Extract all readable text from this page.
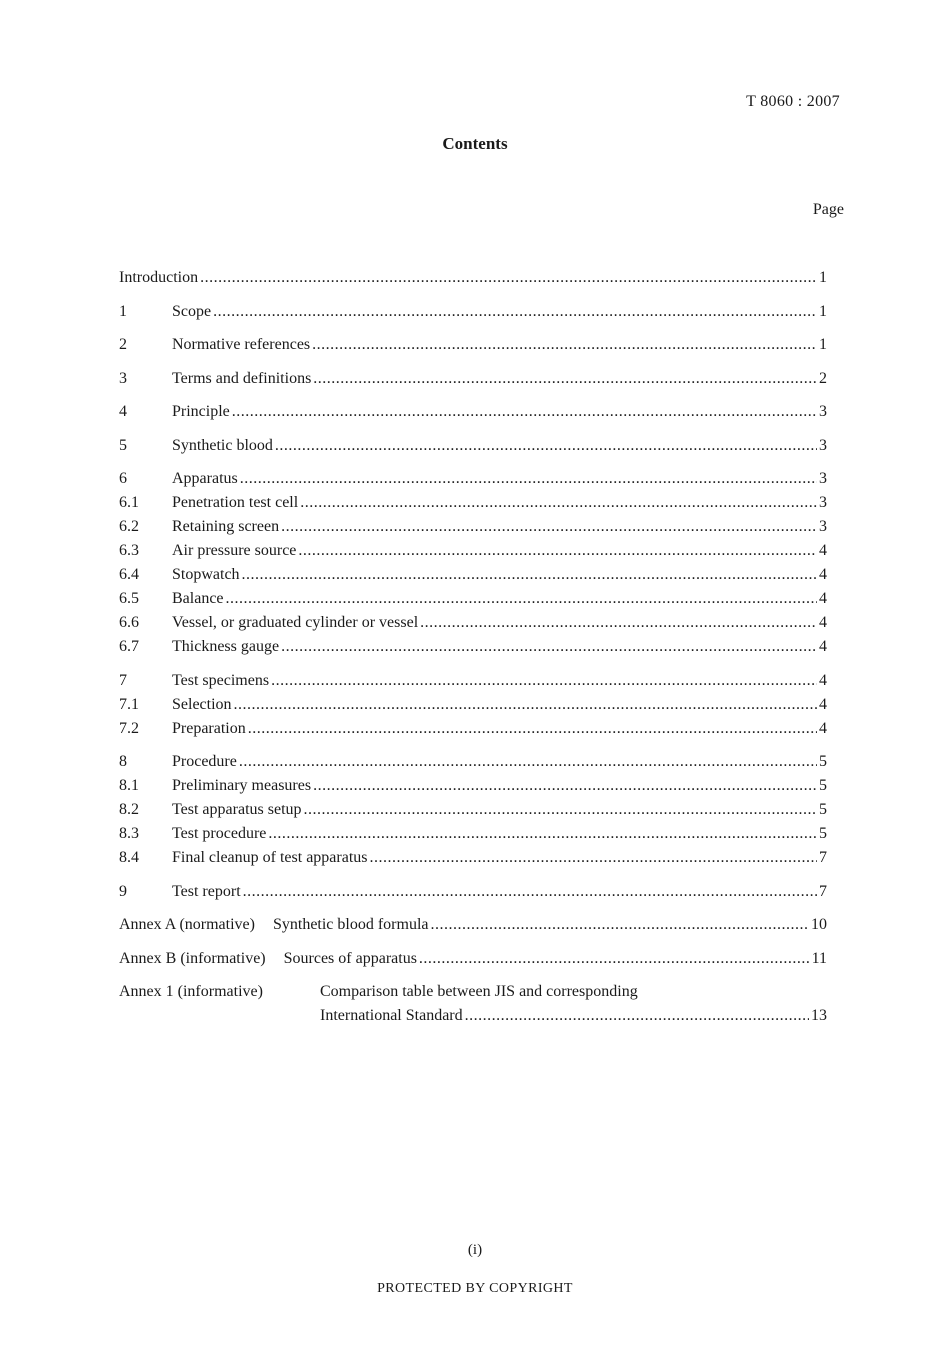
T 8060 : 2007
Contents
Page
Introduction .....	1
1	Scope .....	1
2	Normative references .....	1
3	Terms and definitions .....	2
4	Principle .....	3
5	Synthetic blood .....	3
6	Apparatus .....	3
6.1	Penetration test cell .....	3
6.2	Retaining screen .....	3
6.3	Air pressure source .....	4
6.4	Stopwatch .....	4
6.5	Balance .....	4
6.6	Vessel, or graduated cylinder or vessel .....	4
6.7	Thickness gauge .....	4
7	Test specimens .....	4
7.1	Selection .....	4
7.2	Preparation .....	4
8	Procedure .....	5
8.1	Preliminary measures .....	5
8.2	Test apparatus setup .....	5
8.3	Test procedure .....	5
8.4	Final cleanup of test apparatus .....	7
9	Test report .....	7
Annex A (normative)	Synthetic blood formula .....	10
Annex B (informative)	Sources of apparatus .....	11
Annex 1 (informative)	Comparison table between JIS and corresponding
International Standard .....	13
(i)
PROTECTED BY COPYRIGHT
